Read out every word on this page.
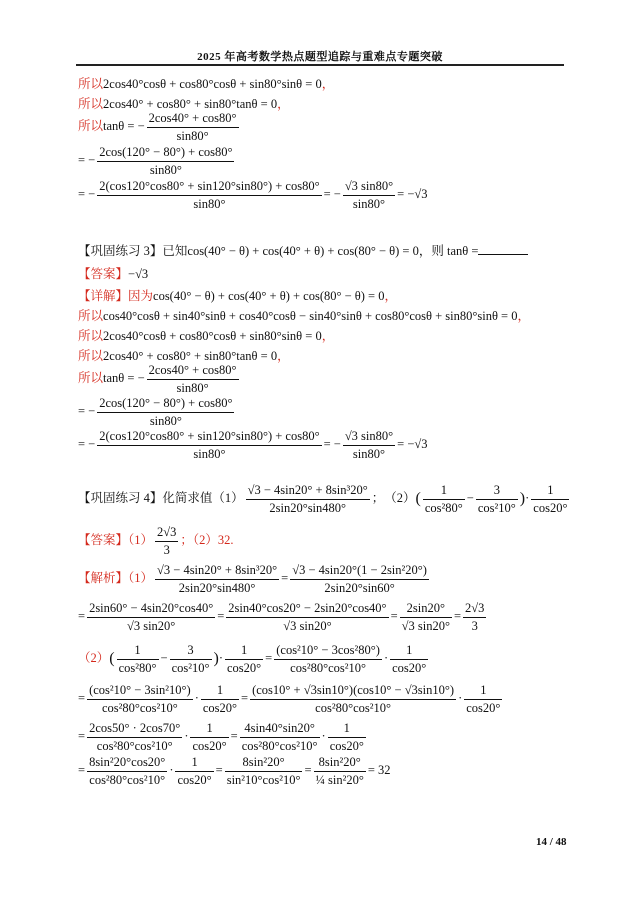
2025 年高考数学热点题型追踪与重难点专题突破
所以2cos40°cosθ + cos80°cosθ + sin80°sinθ = 0，
所以2cos40° + cos80° + sin80°tanθ = 0，
所以tanθ = − $\frac{2\cos 40^\circ + \cos 80^\circ}{\sin 80^\circ}$
= − $\frac{2\cos(120^\circ - 80^\circ) + \cos 80^\circ}{\sin 80^\circ}$
= − $\frac{2(\cos 120^\circ\cos 80^\circ + \sin 120^\circ\sin 80^\circ) + \cos 80^\circ}{\sin 80^\circ}$ = − $\frac{√3 \sin 80^\circ}{\sin 80^\circ} = -√3$
【巩固练习 3】已知cos(40° − θ) + cos(40° + θ) + cos(80° − θ) = 0，则 tanθ =
【答案】−√3
【详解】因为cos(40° − θ) + cos(40° + θ) + cos(80° − θ) = 0，
所以cos40°cosθ + sin40°sinθ + cos40°cosθ − sin40°sinθ + cos80°cosθ + sin80°sinθ = 0，
所以2cos40°cosθ + cos80°cosθ + sin80°sinθ = 0，
所以2cos40° + cos80° + sin80°tanθ = 0，
所以tanθ = − $\frac{2\cos 40^\circ + \cos 80^\circ}{\sin 80^\circ}$
= − $\frac{2\cos(120^\circ - 80^\circ) + \cos 80^\circ}{\sin 80^\circ}$
= − $\frac{2(\cos 120^\circ\cos 80^\circ + \sin 120^\circ\sin 80^\circ) + \cos 80^\circ}{\sin 80^\circ}$ = − $\frac{√3 \sin 80^\circ}{\sin 80^\circ} = -√3$
【巩固练习 4】化简求值$(1) \frac{\text{√3 − 4sin20° + 8sin³20°}}{2\sin 20^\circ\sin 480^\circ}$ ；　$(2)( \frac{1}{\text{cos²80°}} - \frac{3}{\text{cos²10°}}$ )· $\frac{1}{\cos 20^\circ}$
【答案】$(1) \frac{2√3}{3}$ ；（2）32.
【解析】$(1) \frac{\text{√3 − 4sin20° + 8sin³20°}}{2\sin 20^\circ\sin 480^\circ} = \frac{\text{√3 − 4sin20°(1 − 2sin²20°)}}{2\sin 20^\circ\sin 60^\circ}$
= $\frac{2\sin 60^\circ - 4\sin 20^\circ\cos 40^\circ}{√3 \sin 20^\circ} = \frac{2\sin 40^\circ\cos 20^\circ - 2\sin 20^\circ\cos 40^\circ}{√3 \sin 20^\circ} = \frac{2\sin 20^\circ}{√3 \sin 20^\circ} = \frac{2√3}{3}$
$(2)( \frac{1}{\text{cos²80°}} - \frac{3}{\text{cos²10°}}$ )· $\frac{1}{\cos 20^\circ} = \frac{\text{(cos²10° − 3cos²80°)}}{\text{cos²80°cos²10°}} \cdot \frac{1}{\cos 20^\circ}$
= $\frac{\text{(cos²10° − 3sin²10°)}}{\text{cos²80°cos²10°}} \cdot \frac{1}{\cos 20^\circ} = \frac{(\cos 10^\circ + √3\sin 10^\circ)(\cos 10^\circ - √3\sin 10^\circ)}{\text{cos²80°cos²10°}} \cdot \frac{1}{\cos 20^\circ}$
= $\frac{2\cos 50^\circ \cdot 2\cos 70^\circ}{\text{cos²80°cos²10°}} \cdot \frac{1}{\cos 20^\circ} = \frac{4\sin 40^\circ\sin 20^\circ}{\text{cos²80°cos²10°}} \cdot \frac{1}{\cos 20^\circ}$
= $\frac{\text{8sin²20°cos20°}}{\text{cos²80°cos²10°}} \cdot \frac{1}{\cos 20^\circ} = \frac{\text{8sin²20°}}{\text{sin²10°cos²10°}} = \frac{\text{8sin²20°}}{\text{¼ sin²20°}} = 32$
14 / 48
